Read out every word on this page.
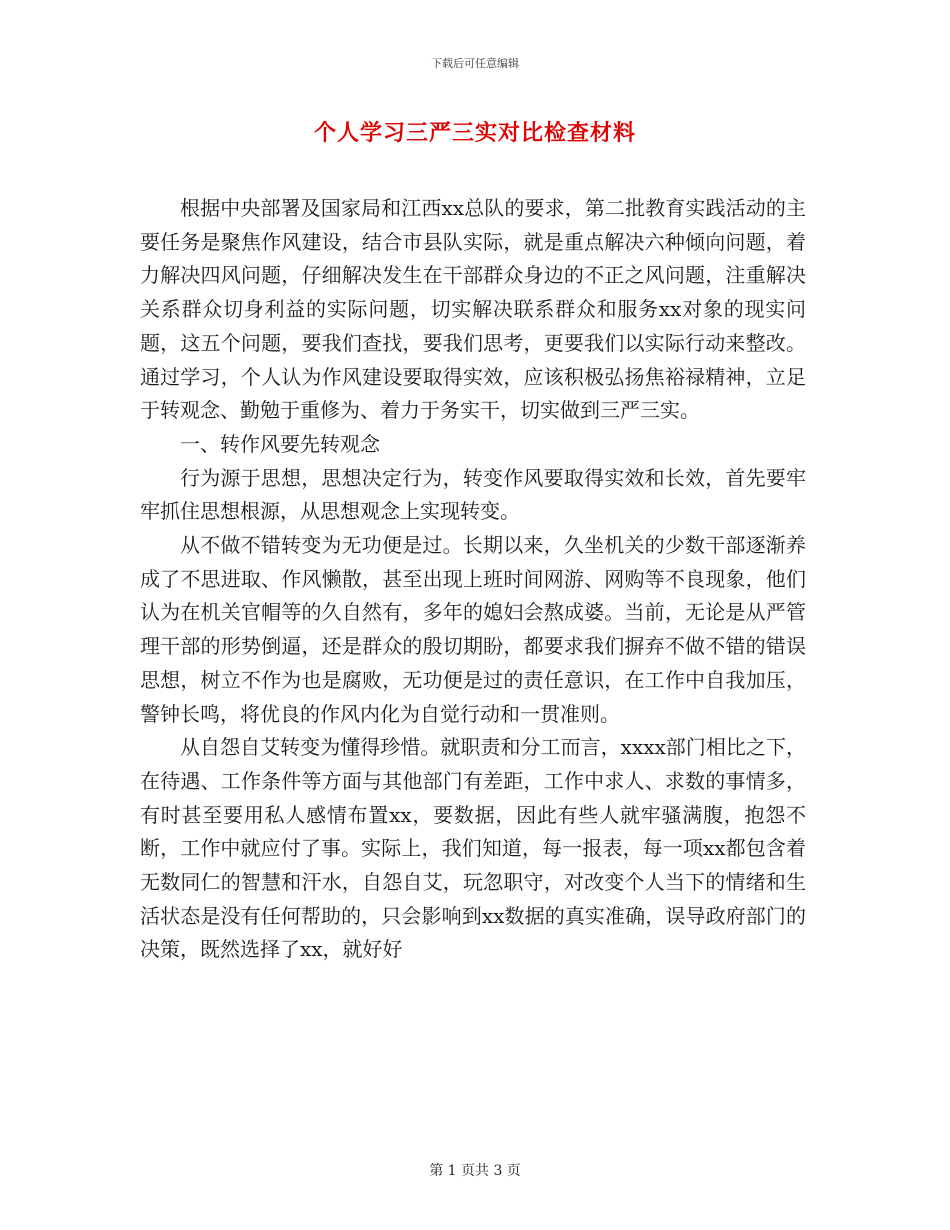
下载后可任意编辑
个人学习三严三实对比检查材料

根据中央部署及国家局和江西xx总队的要求，第二批教育实践活动的主要任务是聚焦作风建设，结合市县队实际，就是重点解决六种倾向问题，着力解决四风问题，仔细解决发生在干部群众身边的不正之风问题，注重解决关系群众切身利益的实际问题，切实解决联系群众和服务xx对象的现实问题，这五个问题，要我们查找，要我们思考，更要我们以实际行动来整改。通过学习，个人认为作风建设要取得实效，应该积极弘扬焦裕禄精神，立足于转观念、勤勉于重修为、着力于务实干，切实做到三严三实。

一、转作风要先转观念

行为源于思想，思想决定行为，转变作风要取得实效和长效，首先要牢牢抓住思想根源，从思想观念上实现转变。

从不做不错转变为无功便是过。长期以来，久坐机关的少数干部逐渐养成了不思进取、作风懒散，甚至出现上班时间网游、网购等不良现象，他们认为在机关官帽等的久自然有，多年的媳妇会熬成婆。当前，无论是从严管理干部的形势倒逼，还是群众的殷切期盼，都要求我们摒弃不做不错的错误思想，树立不作为也是腐败，无功便是过的责任意识，在工作中自我加压，警钟长鸣，将优良的作风内化为自觉行动和一贯准则。

从自怨自艾转变为懂得珍惜。就职责和分工而言，xxxx部门相比之下，在待遇、工作条件等方面与其他部门有差距，工作中求人、求数的事情多，有时甚至要用私人感情布置xx，要数据，因此有些人就牢骚满腹，抱怨不断，工作中就应付了事。实际上，我们知道，每一报表，每一项xx都包含着无数同仁的智慧和汗水，自怨自艾，玩忽职守，对改变个人当下的情绪和生活状态是没有任何帮助的，只会影响到xx数据的真实准确，误导政府部门的决策，既然选择了xx，就好好

第 1 页共 3 页
